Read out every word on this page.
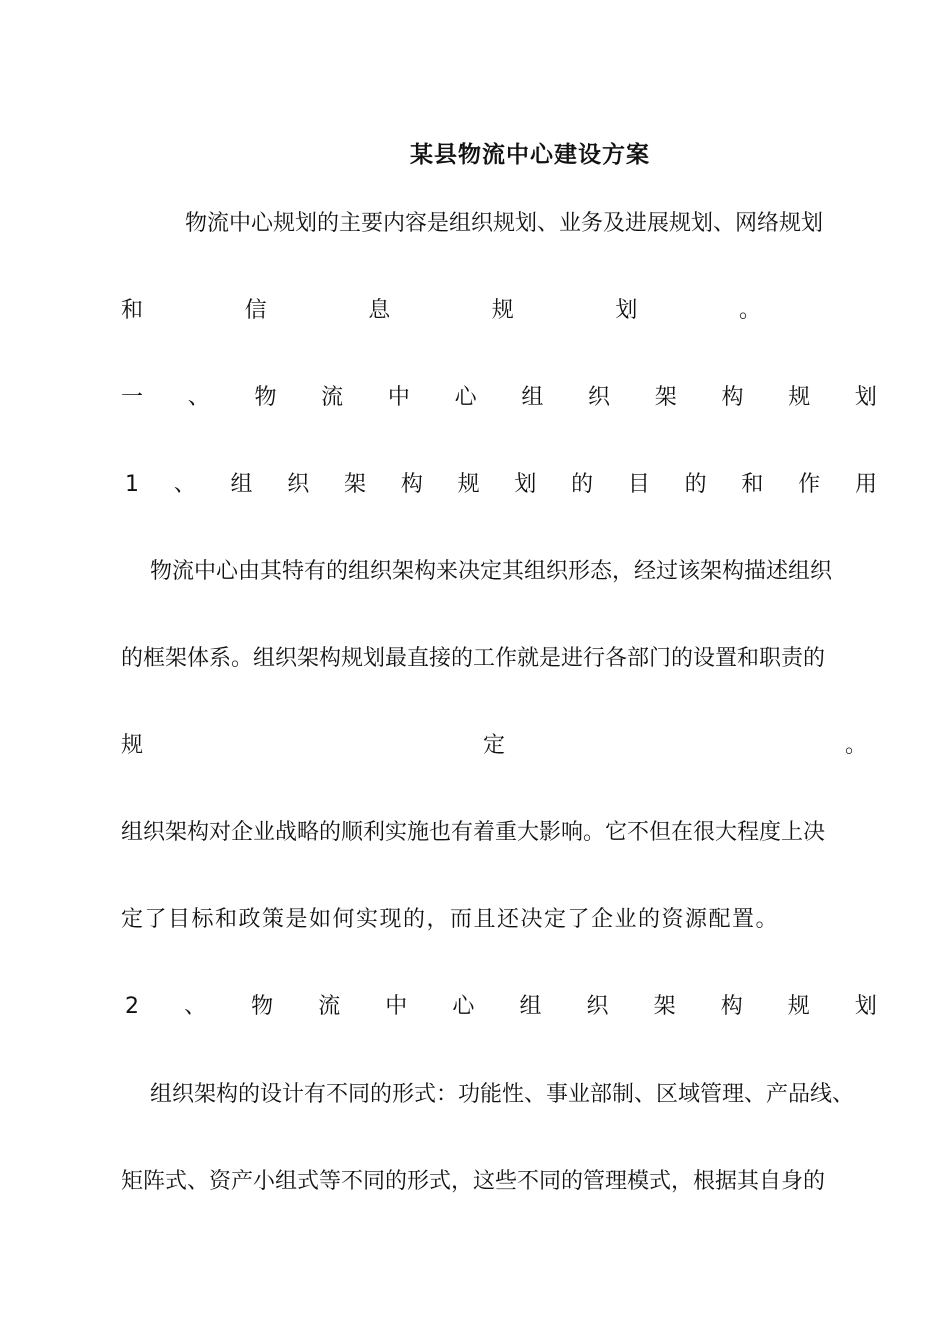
某县物流中心建设方案
物流中心规划的主要内容是组织规划、业务及进展规划、网络规划
和	信	息	规	划	。
一 、 物 流 中 心 组 织 架 构 规 划
1 、 组 织 架 构 规 划 的 目 的 和 作 用
物流中心由其特有的组织架构来决定其组织形态，经过该架构描述组织
的框架体系。组织架构规划最直接的工作就是进行各部门的设置和职责的
规	定	。
组织架构对企业战略的顺利实施也有着重大影响。它不但在很大程度上决
定了目标和政策是如何实现的，而且还决定了企业的资源配置。
2 、 物 流 中 心 组 织 架 构 规 划
组织架构的设计有不同的形式：功能性、事业部制、区域管理、产品线、
矩阵式、资产小组式等不同的形式，这些不同的管理模式，根据其自身的
